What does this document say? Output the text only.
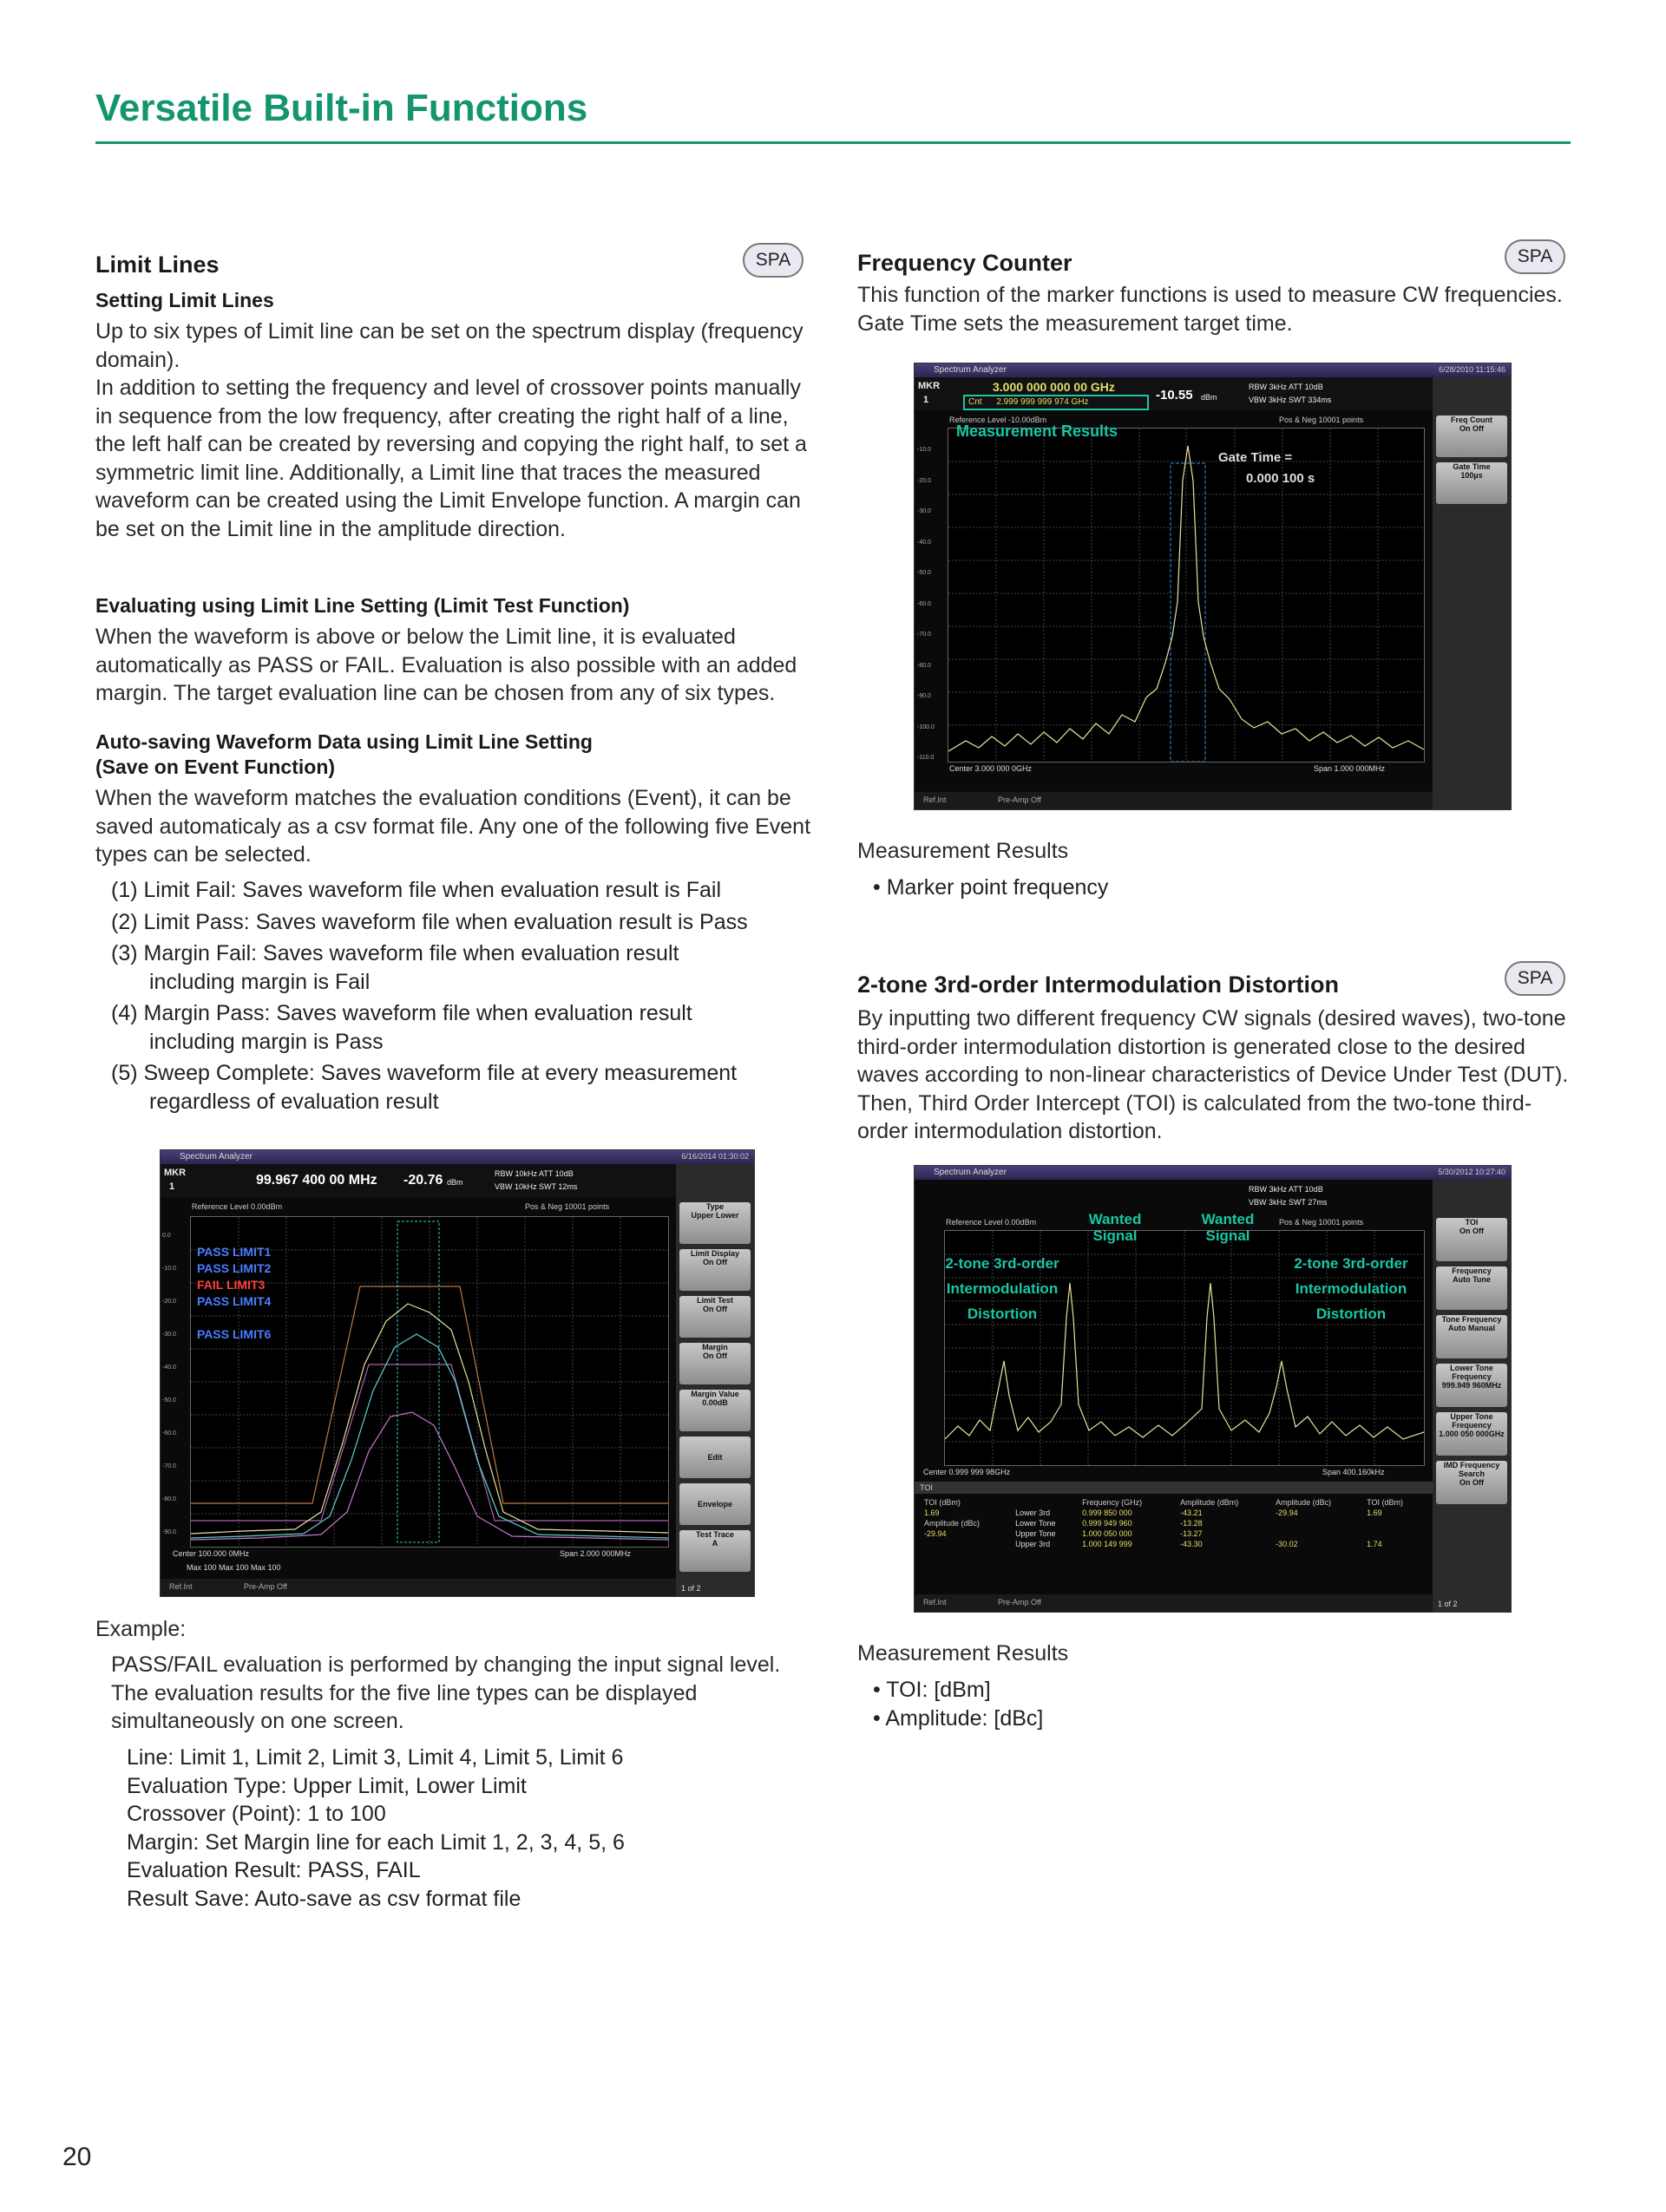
Versatile Built-in Functions
Limit Lines	SPA
Setting Limit Lines
Up to six types of Limit line can be set on the spectrum display (frequency domain).
In addition to setting the frequency and level of crossover points manually in sequence from the low frequency, after creating the right half of a line, the left half can be created by reversing and copying the right half, to set a symmetric limit line. Additionally, a Limit line that traces the measured waveform can be created using the Limit Envelope function. A margin can be set on the Limit line in the amplitude direction.
Evaluating using Limit Line Setting (Limit Test Function)
When the waveform is above or below the Limit line, it is evaluated automatically as PASS or FAIL. Evaluation is also possible with an added margin. The target evaluation line can be chosen from any of six types.
Auto-saving Waveform Data using Limit Line Setting
(Save on Event Function)
When the waveform matches the evaluation conditions (Event), it can be saved automaticaly as a csv format file. Any one of the following five Event types can be selected.
(1) Limit Fail: Saves waveform file when evaluation result is Fail
(2) Limit Pass: Saves waveform file when evaluation result is Pass
(3) Margin Fail: Saves waveform file when evaluation result including margin is Fail
(4) Margin Pass: Saves waveform file when evaluation result including margin is Pass
(5) Sweep Complete: Saves waveform file at every measurement regardless of evaluation result
Spectrum Analyzer	6/16/2014 01:30:02
MKR
1	99.967 400 00 MHz -20.76 dBm
RBW 10kHz ATT 10dB
VBW 10kHz SWT 12ms
Reference Level 0.00dBm	Pos & Neg 10001 points
0.0
-10.0
-20.0
-30.0
-40.0
-50.0
-60.0
-70.0
-80.0
-90.0
PASS LIMIT1
PASS LIMIT2
FAIL LIMIT3
PASS LIMIT4
PASS LIMIT6
Center 100.000 0MHz	Span 2.000 000MHz
Max 100 Max 100 Max 100
Ref.Int	Pre-Amp Off
Type
Upper Lower
Limit Display
On Off
Limit Test
On Off
Margin
On Off
Margin Value
0.00dB
Edit
Envelope
Test Trace
A
1 of 2
Example:
PASS/FAIL evaluation is performed by changing the input signal level. The evaluation results for the five line types can be displayed simultaneously on one screen.
Line: Limit 1, Limit 2, Limit 3, Limit 4, Limit 5, Limit 6
Evaluation Type: Upper Limit, Lower Limit
Crossover (Point): 1 to 100
Margin: Set Margin line for each Limit 1, 2, 3, 4, 5, 6
Evaluation Result: PASS, FAIL
Result Save: Auto-save as csv format file
Frequency Counter	SPA
This function of the marker functions is used to measure CW frequencies. Gate Time sets the measurement target time.
Spectrum Analyzer	6/28/2010 11:15:46
MKR
1
3.000 000 000 00 GHz
Cnt 2.999 999 999 974 GHz	-10.55 dBm
RBW 3kHz ATT 10dB
VBW 3kHz SWT 334ms
Reference Level -10.00dBm	Pos & Neg 10001 points
-10.0
-20.0
-30.0
-40.0
-50.0
-60.0
-70.0
-80.0
-90.0
-100.0
-110.0
Measurement Results
Gate Time =
0.000 100 s
Center 3.000 000 0GHz	Span 1.000 000MHz
Ref.Int	Pre-Amp Off
Freq Count
On Off
Gate Time
100µs
Measurement Results
• Marker point frequency
2-tone 3rd-order Intermodulation Distortion	SPA
By inputting two different frequency CW signals (desired waves), two-tone third-order intermodulation distortion is generated close to the desired waves according to non-linear characteristics of Device Under Test (DUT). Then, Third Order Intercept (TOI) is calculated from the two-tone third-order intermodulation distortion.
Spectrum Analyzer	5/30/2012 10:27:40
RBW 3kHz ATT 10dB
VBW 3kHz SWT 27ms
Reference Level 0.00dBm	Pos & Neg 10001 points
Wanted Signal
Wanted Signal
2-tone 3rd-order Intermodulation Distortion
2-tone 3rd-order Intermodulation Distortion
Center 0.999 999 98GHz	Span 400.160kHz
TOI
TOI (dBm)		Frequency (GHz)	Amplitude (dBm)	Amplitude (dBc)	TOI (dBm)
1.69	Lower 3rd	0.999 850 000	-43.21	-29.94	1.69
Amplitude (dBc)	Lower Tone	0.999 949 960	-13.28		
-29.94	Upper Tone	1.000 050 000	-13.27		
	Upper 3rd	1.000 149 999	-43.30	-30.02	1.74
Ref.Int	Pre-Amp Off
TOI
On Off
Frequency
Auto Tune
Tone Frequency
Auto Manual
Lower Tone Frequency
999.949 960MHz
Upper Tone Frequency
1.000 050 000GHz
IMD Frequency Search
On Off
1 of 2
Measurement Results
• TOI: [dBm]
• Amplitude: [dBc]
20
